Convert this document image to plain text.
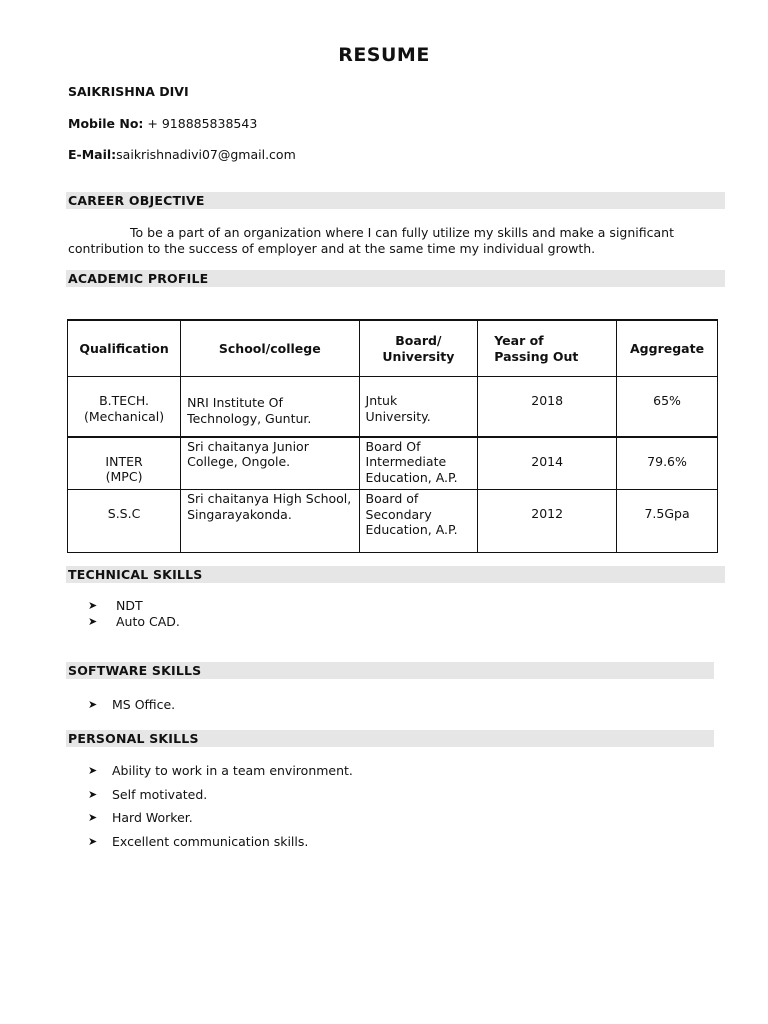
RESUME
SAIKRISHNA DIVI
Mobile No: + 918885838543
E-Mail:saikrishnadivi07@gmail.com
CAREER OBJECTIVE
To be a part of an organization where I can fully utilize my skills and make a significant contribution to the success of employer and at the same time my individual growth.
ACADEMIC PROFILE
Qualification	School/college	Board/ University	Year of Passing Out	Aggregate

B.TECH. (Mechanical)	NRI Institute Of Technology, Guntur.	Jntuk University.	2018	65%

INTER (MPC)	Sri chaitanya Junior College, Ongole.	Board Of Intermediate Education, A.P.	2014	79.6%

S.S.C	Sri chaitanya High School, Singarayakonda.	Board of Secondary Education, A.P.	2012	7.5Gpa
TECHNICAL SKILLS
➤ NDT
➤ Auto CAD.
SOFTWARE SKILLS
➤ MS Office.
PERSONAL SKILLS
➤ Ability to work in a team environment.
➤ Self motivated.
➤ Hard Worker.
➤ Excellent communication skills.
